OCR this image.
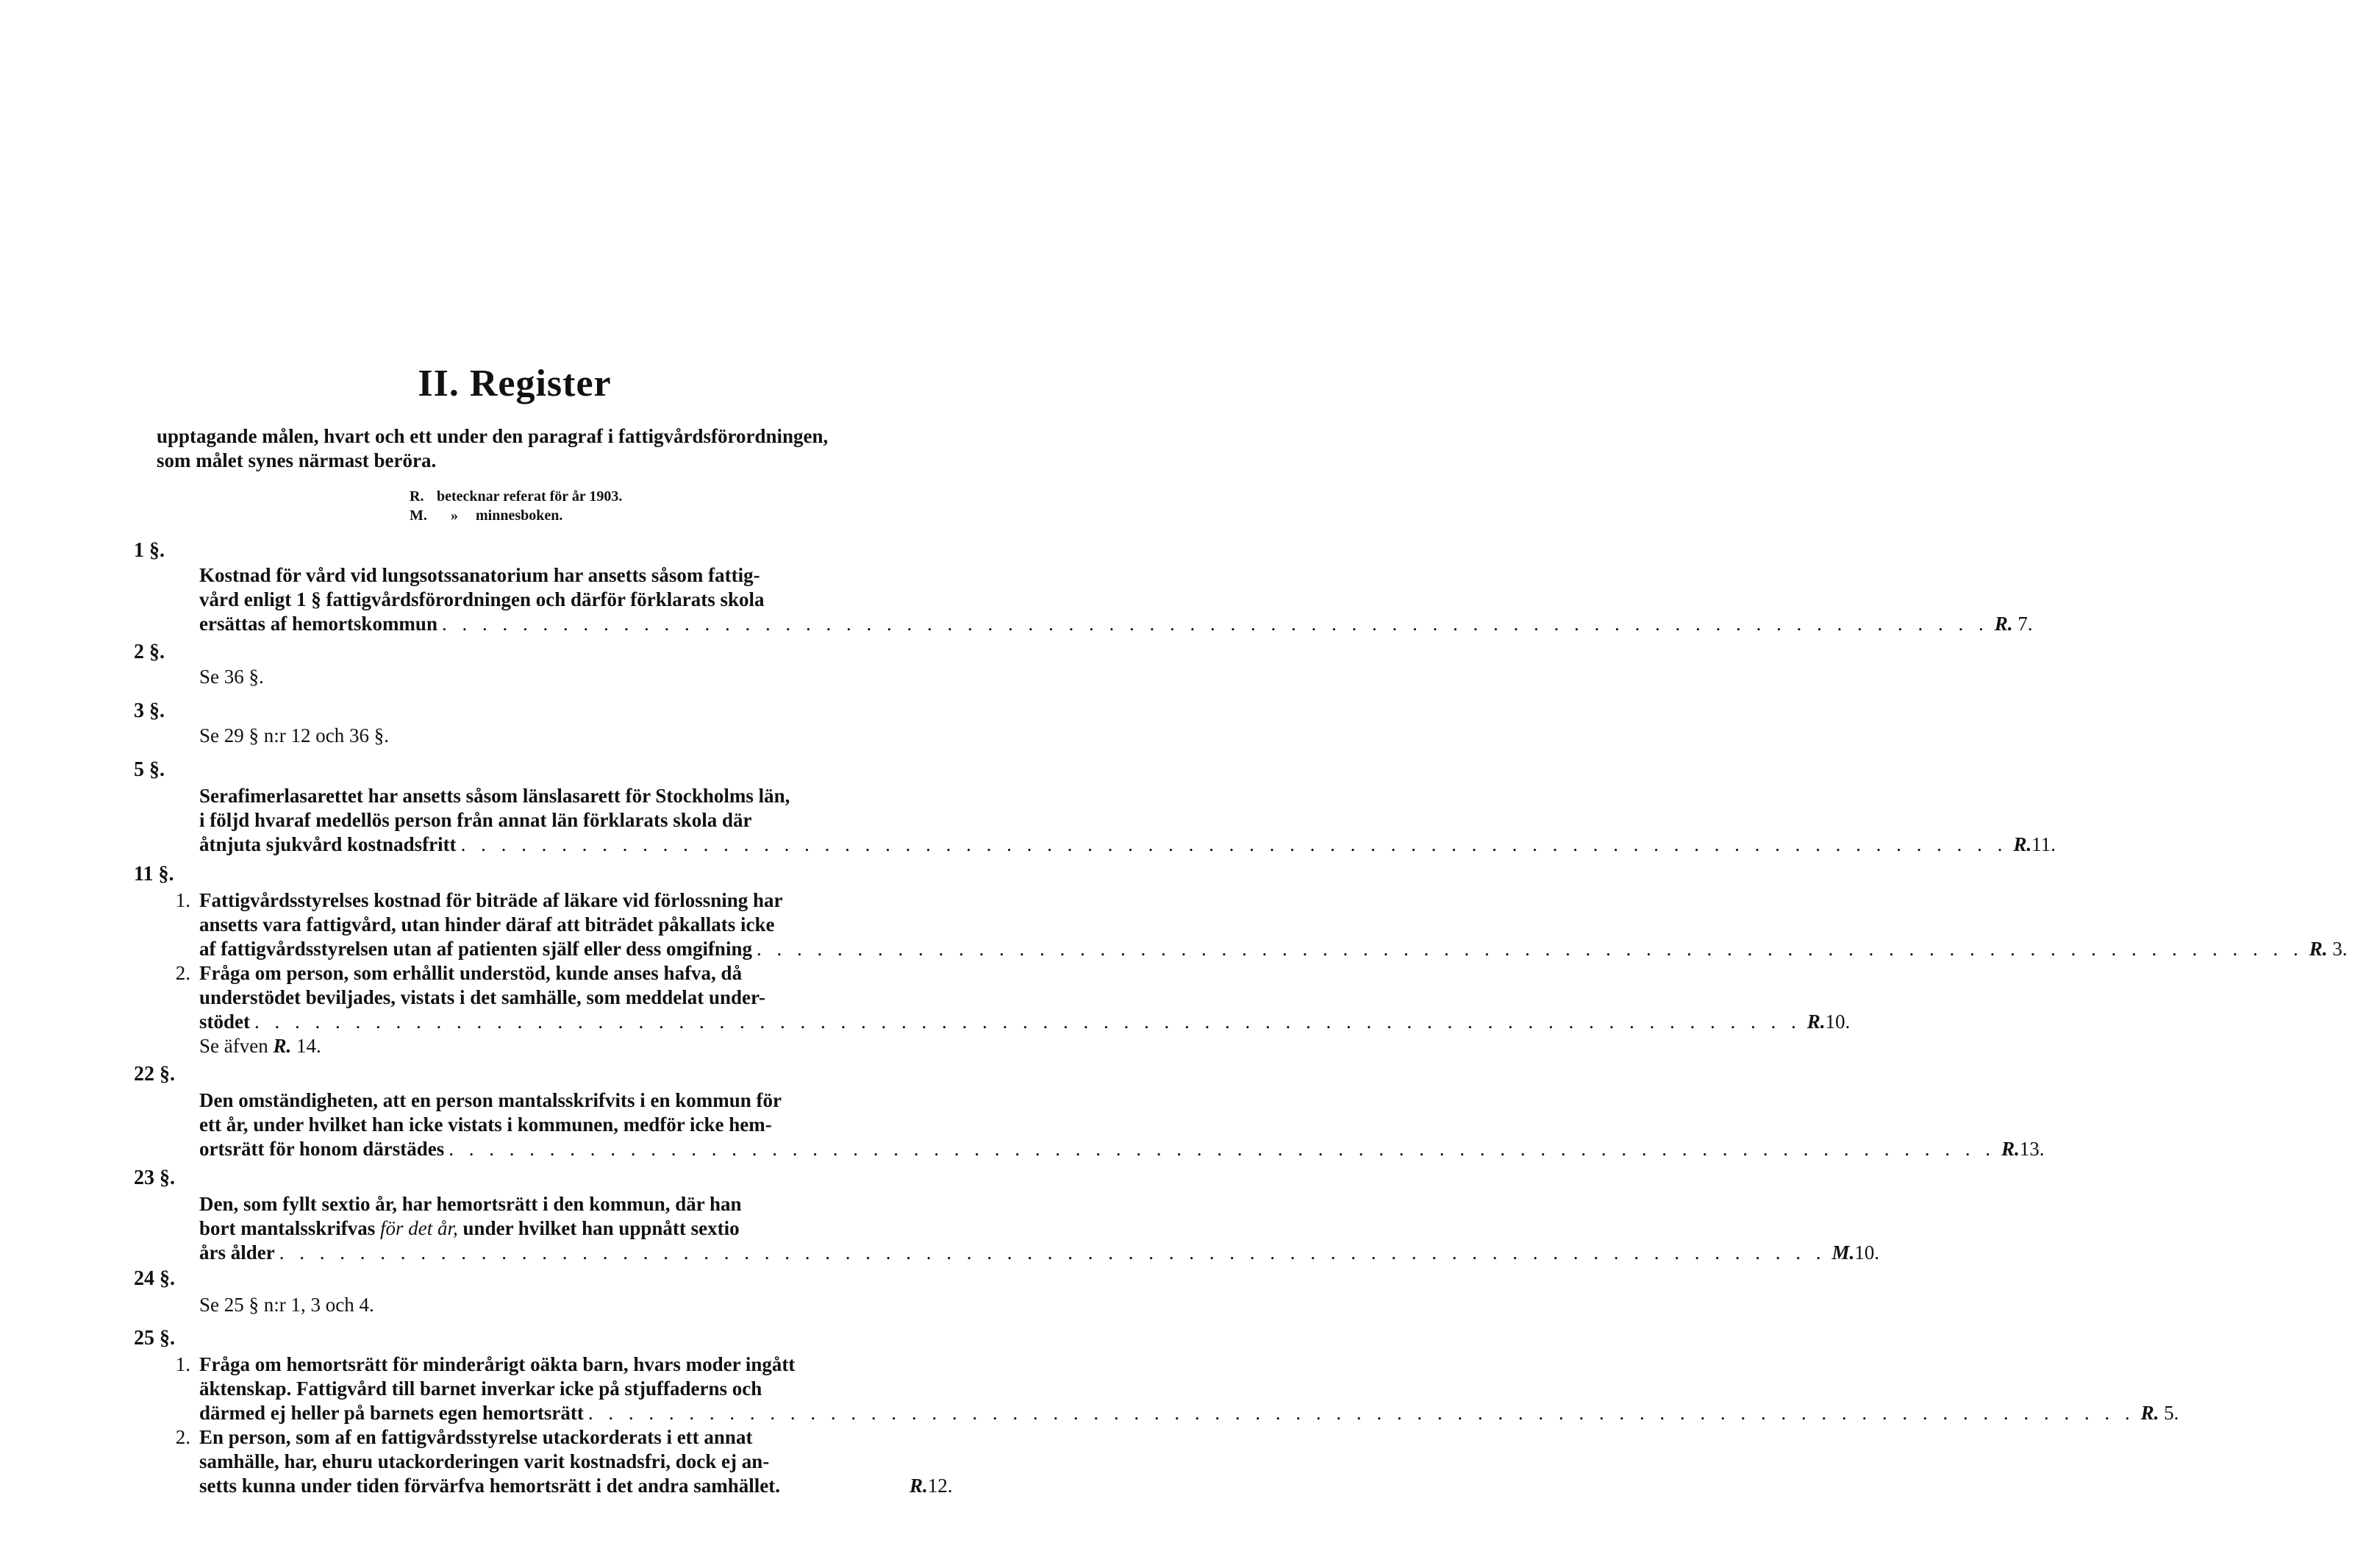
II. Register
upptagande målen, hvart och ett under den paragraf i fattigvårdsförordningen,
som målet synes närmast beröra.
R. betecknar referat för år 1903.
M. » minnesboken.
1 §.
Kostnad för vård vid lungsotssanatorium har ansetts såsom fattig-
vård enligt 1 § fattigvårdsförordningen och därför förklarats skola
ersättas af hemortskommun . . . . . . . . . . . . . . . . . . . . . . . . . . . . . . . . . . . . . . . . . . . . . . . . . . . . . . . . . . . . . . . . . . . . . . . . . . . . . R. 7.
2 §.
Se 36 §.
3 §.
Se 29 § n:r 12 och 36 §.
5 §.
Serafimerlasarettet har ansetts såsom länslasarett för Stockholms län,
i följd hvaraf medellös person från annat län förklarats skola där
åtnjuta sjukvård kostnadsfritt . . . . . . . . . . . . . . . . . . . . . . . . . . . . . . . . . . . . . . . . . . . . . . . . . . . . . . . . . . . . . . . . . . . . . . . . . . . . . R.11.
11 §.
1. Fattigvårdsstyrelses kostnad för biträde af läkare vid förlossning har
ansetts vara fattigvård, utan hinder däraf att biträdet påkallats icke
af fattigvårdsstyrelsen utan af patienten själf eller dess omgifning . . . . . . . . . . . . . . . . . . . . . . . . . . . . . . . . . . . . . . . . . . . . . . . . . . . . . . . . . . . . . . . . . . . . . . . . . . . . . R. 3.
2. Fråga om person, som erhållit understöd, kunde anses hafva, då
understödet beviljades, vistats i det samhälle, som meddelat under-
stödet . . . . . . . . . . . . . . . . . . . . . . . . . . . . . . . . . . . . . . . . . . . . . . . . . . . . . . . . . . . . . . . . . . . . . . . . . . . . . R.10.
Se äfven R. 14.
22 §.
Den omständigheten, att en person mantalsskrifvits i en kommun för
ett år, under hvilket han icke vistats i kommunen, medför icke hem-
ortsrätt för honom därstädes . . . . . . . . . . . . . . . . . . . . . . . . . . . . . . . . . . . . . . . . . . . . . . . . . . . . . . . . . . . . . . . . . . . . . . . . . . . . . R.13.
23 §.
Den, som fyllt sextio år, har hemortsrätt i den kommun, där han
bort mantalsskrifvas för det år, under hvilket han uppnått sextio
års ålder . . . . . . . . . . . . . . . . . . . . . . . . . . . . . . . . . . . . . . . . . . . . . . . . . . . . . . . . . . . . . . . . . . . . . . . . . . . . . M.10.
24 §.
Se 25 § n:r 1, 3 och 4.
25 §.
1. Fråga om hemortsrätt för minderårigt oäkta barn, hvars moder ingått
äktenskap. Fattigvård till barnet inverkar icke på stjuffaderns och
därmed ej heller på barnets egen hemortsrätt . . . . . . . . . . . . . . . . . . . . . . . . . . . . . . . . . . . . . . . . . . . . . . . . . . . . . . . . . . . . . . . . . . . . . . . . . . . . . R. 5.
2. En person, som af en fattigvårdsstyrelse utackorderats i ett annat
samhälle, har, ehuru utackorderingen varit kostnadsfri, dock ej an-
setts kunna under tiden förvärfva hemortsrätt i det andra samhället.	R.12.
